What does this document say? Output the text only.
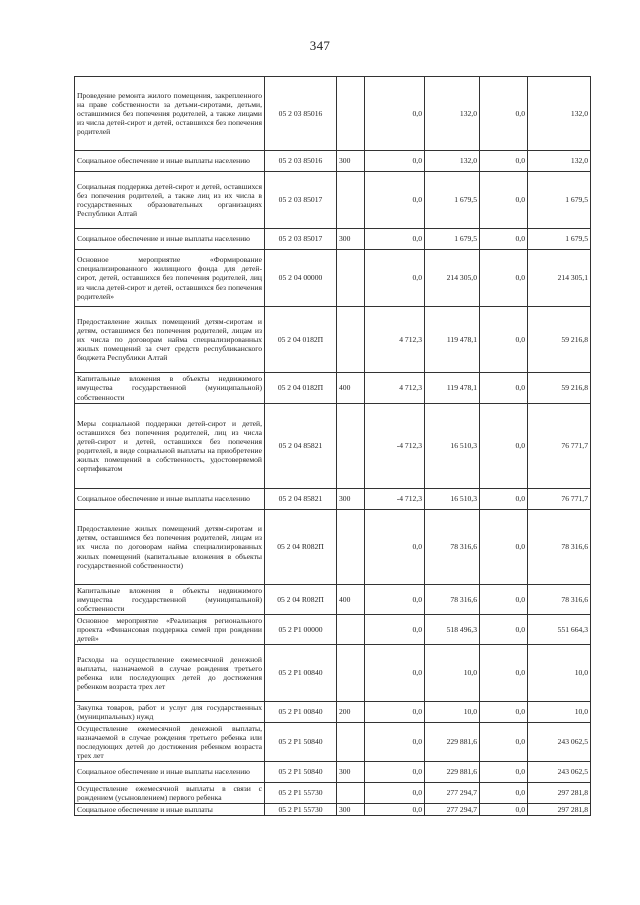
347
Проведение ремонта жилого помещения, закрепленного на праве собственности за детьми-сиротами, детьми, оставшимися без попечения родителей, а также лицами из числа детей-сирот и детей, оставшихся без попечения родителей	05 2 03 85016		0,0	132,0	0,0	132,0
Социальное обеспечение и иные выплаты населению	05 2 03 85016	300	0,0	132,0	0,0	132,0
Социальная поддержка детей-сирот и детей, оставшихся без попечения родителей, а также лиц из их числа в государственных образовательных организациях Республики Алтай	05 2 03 85017		0,0	1 679,5	0,0	1 679,5
Социальное обеспечение и иные выплаты населению	05 2 03 85017	300	0,0	1 679,5	0,0	1 679,5
Основное мероприятие «Формирование специализированного жилищного фонда для детей-сирот, детей, оставшихся без попечения родителей, лиц из числа детей-сирот и детей, оставшихся без попечения родителей»	05 2 04 00000		0,0	214 305,0	0,0	214 305,1
Предоставление жилых помещений детям-сиротам и детям, оставшимся без попечения родителей, лицам из их числа по договорам найма специализированных жилых помещений за счет средств республиканского бюджета Республики Алтай	05 2 04 0182П		4 712,3	119 478,1	0,0	59 216,8
Капитальные вложения в объекты недвижимого имущества государственной (муниципальной) собственности	05 2 04 0182П	400	4 712,3	119 478,1	0,0	59 216,8
Меры социальной поддержки детей-сирот и детей, оставшихся без попечения родителей, лиц из числа детей-сирот и детей, оставшихся без попечения родителей, в виде социальной выплаты на приобретение жилых помещений в собственность, удостоверяемой сертификатом	05 2 04 85821		-4 712,3	16 510,3	0,0	76 771,7
Социальное обеспечение и иные выплаты населению	05 2 04 85821	300	-4 712,3	16 510,3	0,0	76 771,7
Предоставление жилых помещений детям-сиротам и детям, оставшимся без попечения родителей, лицам из их числа по договорам найма специализированных жилых помещений (капитальные вложения в объекты государственной собственности)	05 2 04 R082П		0,0	78 316,6	0,0	78 316,6
Капитальные вложения в объекты недвижимого имущества государственной (муниципальной) собственности	05 2 04 R082П	400	0,0	78 316,6	0,0	78 316,6
Основное мероприятие «Реализация регионального проекта «Финансовая поддержка семей при рождении детей»	05 2 P1 00000		0,0	518 496,3	0,0	551 664,3
Расходы на осуществление ежемесячной денежной выплаты, назначаемой в случае рождения третьего ребенка или последующих детей до достижения ребенком возраста трех лет	05 2 P1 00840		0,0	10,0	0,0	10,0
Закупка товаров, работ и услуг для государственных (муниципальных) нужд	05 2 P1 00840	200	0,0	10,0	0,0	10,0
Осуществление ежемесячной денежной выплаты, назначаемой в случае рождения третьего ребенка или последующих детей до достижения ребенком возраста трех лет	05 2 P1 50840		0,0	229 881,6	0,0	243 062,5
Социальное обеспечение и иные выплаты населению	05 2 P1 50840	300	0,0	229 881,6	0,0	243 062,5
Осуществление ежемесячной выплаты в связи с рождением (усыновлением) первого ребенка	05 2 P1 55730		0,0	277 294,7	0,0	297 281,8
Социальное обеспечение и иные выплаты	05 2 P1 55730	300	0,0	277 294,7	0,0	297 281,8
